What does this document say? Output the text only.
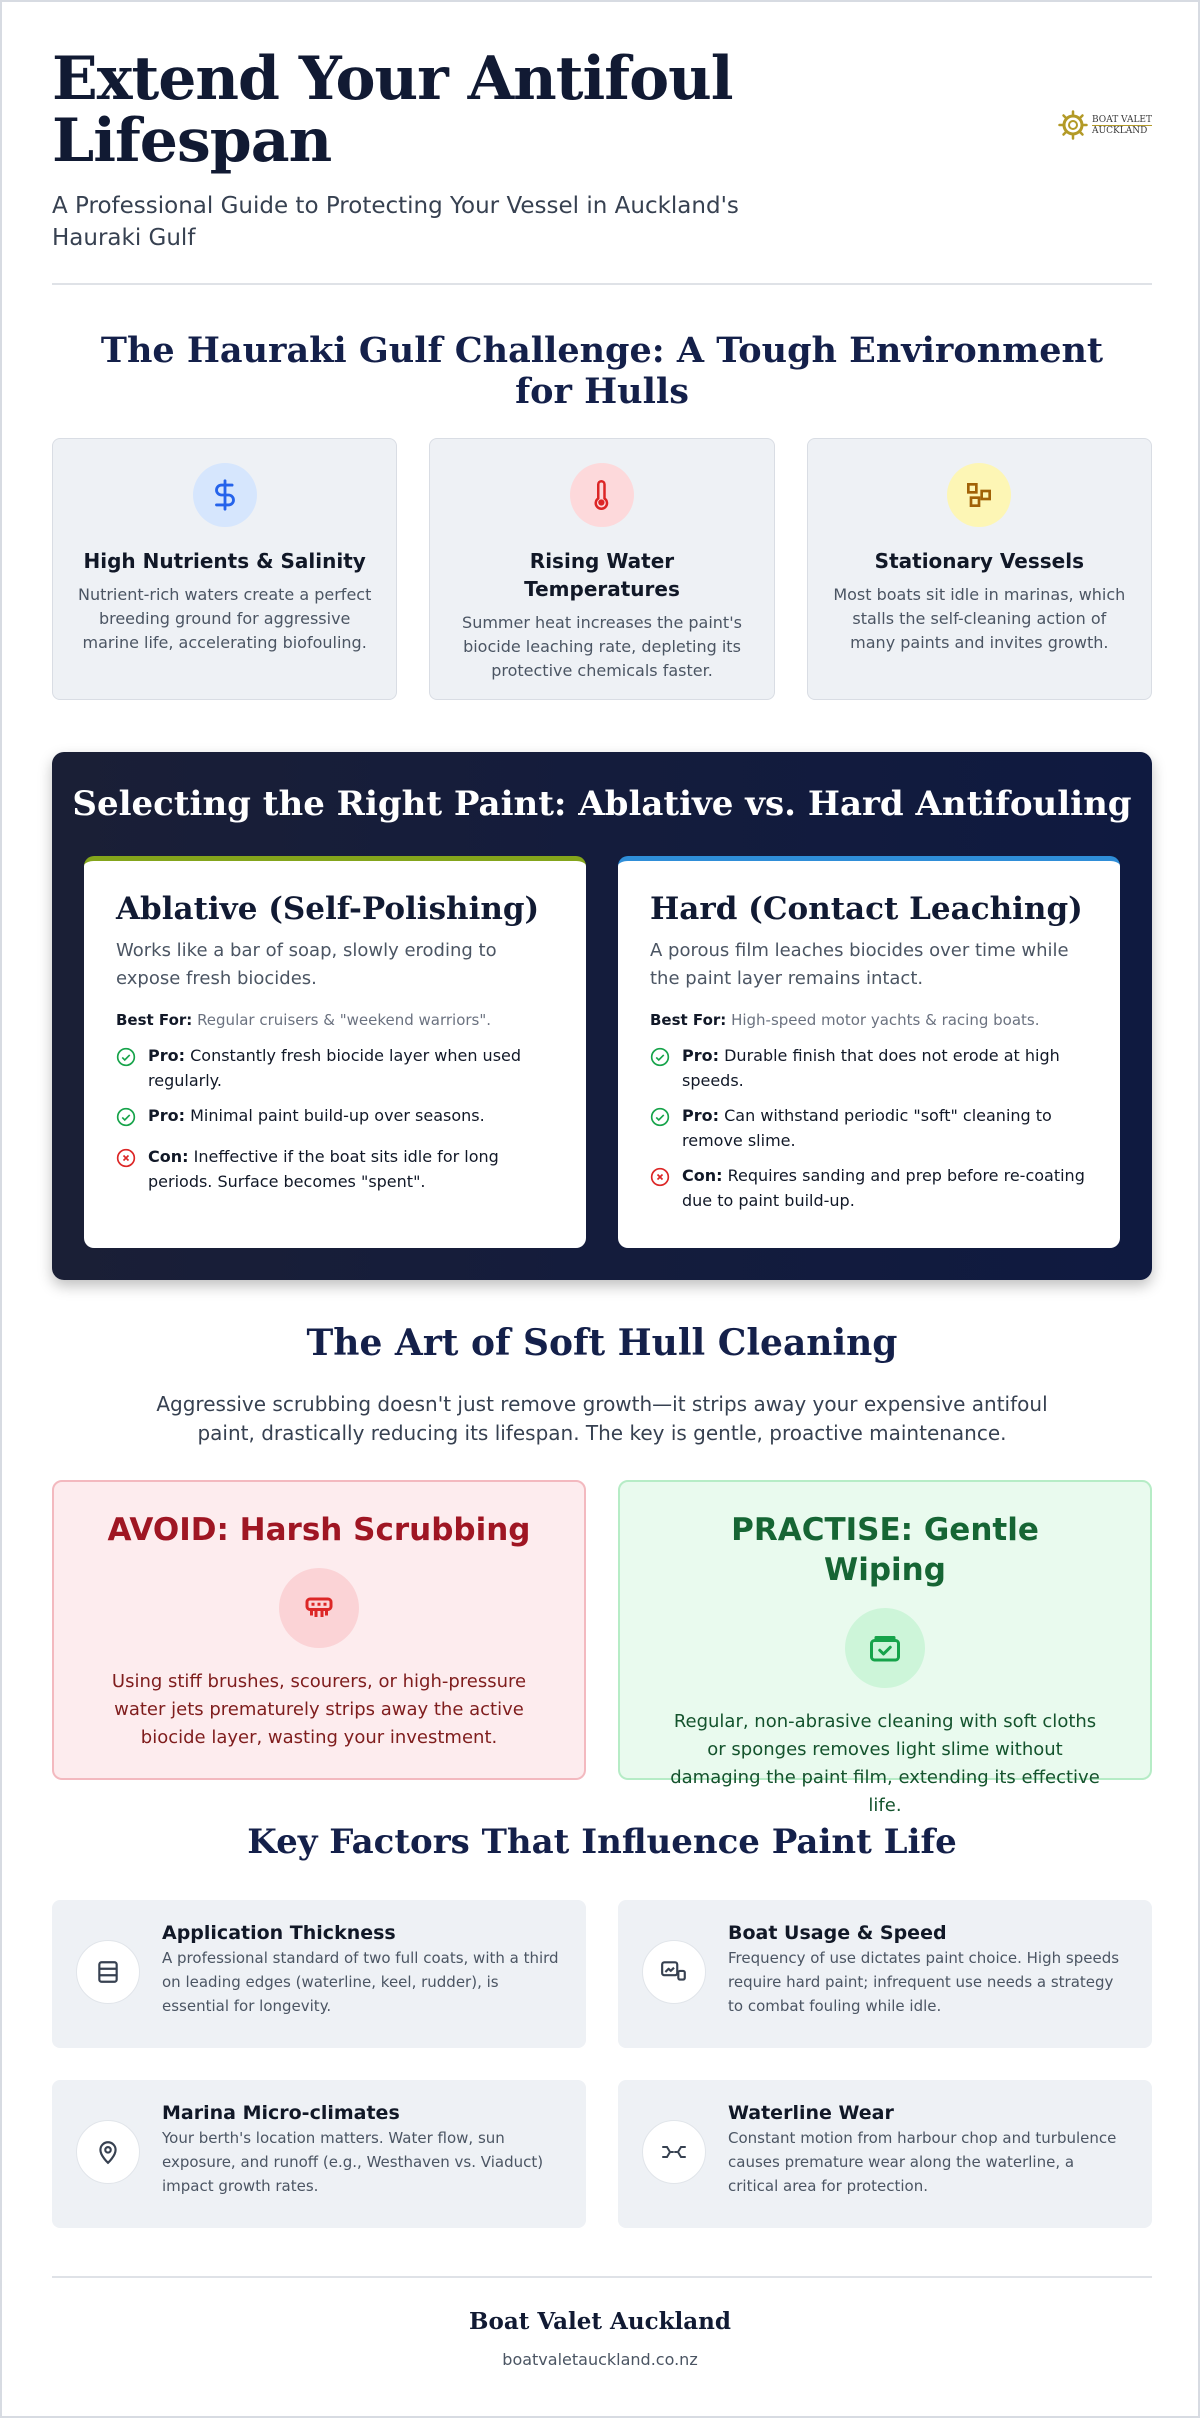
Extend Your Antifoul Lifespan
A Professional Guide to Protecting Your Vessel in Auckland's Hauraki Gulf
BOAT VALET
AUCKLAND
The Hauraki Gulf Challenge: A Tough Environment for Hulls
High Nutrients & Salinity
Nutrient-rich waters create a perfect breeding ground for aggressive marine life, accelerating biofouling.
Rising Water Temperatures
Summer heat increases the paint's biocide leaching rate, depleting its protective chemicals faster.
Stationary Vessels
Most boats sit idle in marinas, which stalls the self-cleaning action of many paints and invites growth.
Selecting the Right Paint: Ablative vs. Hard Antifouling
Ablative (Self-Polishing)
Works like a bar of soap, slowly eroding to expose fresh biocides.
Best For: Regular cruisers & "weekend warriors".
Pro: Constantly fresh biocide layer when used regularly.
Pro: Minimal paint build-up over seasons.
Con: Ineffective if the boat sits idle for long periods. Surface becomes "spent".
Hard (Contact Leaching)
A porous film leaches biocides over time while the paint layer remains intact.
Best For: High-speed motor yachts & racing boats.
Pro: Durable finish that does not erode at high speeds.
Pro: Can withstand periodic "soft" cleaning to remove slime.
Con: Requires sanding and prep before re-coating due to paint build-up.
The Art of Soft Hull Cleaning
Aggressive scrubbing doesn't just remove growth—it strips away your expensive antifoul paint, drastically reducing its lifespan. The key is gentle, proactive maintenance.
AVOID: Harsh Scrubbing
Using stiff brushes, scourers, or high-pressure water jets prematurely strips away the active biocide layer, wasting your investment.
PRACTISE: Gentle Wiping
Regular, non-abrasive cleaning with soft cloths or sponges removes light slime without damaging the paint film, extending its effective life.
Key Factors That Influence Paint Life
Application Thickness
A professional standard of two full coats, with a third on leading edges (waterline, keel, rudder), is essential for longevity.
Boat Usage & Speed
Frequency of use dictates paint choice. High speeds require hard paint; infrequent use needs a strategy to combat fouling while idle.
Marina Micro-climates
Your berth's location matters. Water flow, sun exposure, and runoff (e.g., Westhaven vs. Viaduct) impact growth rates.
Waterline Wear
Constant motion from harbour chop and turbulence causes premature wear along the waterline, a critical area for protection.
Boat Valet Auckland
boatvaletauckland.co.nz
